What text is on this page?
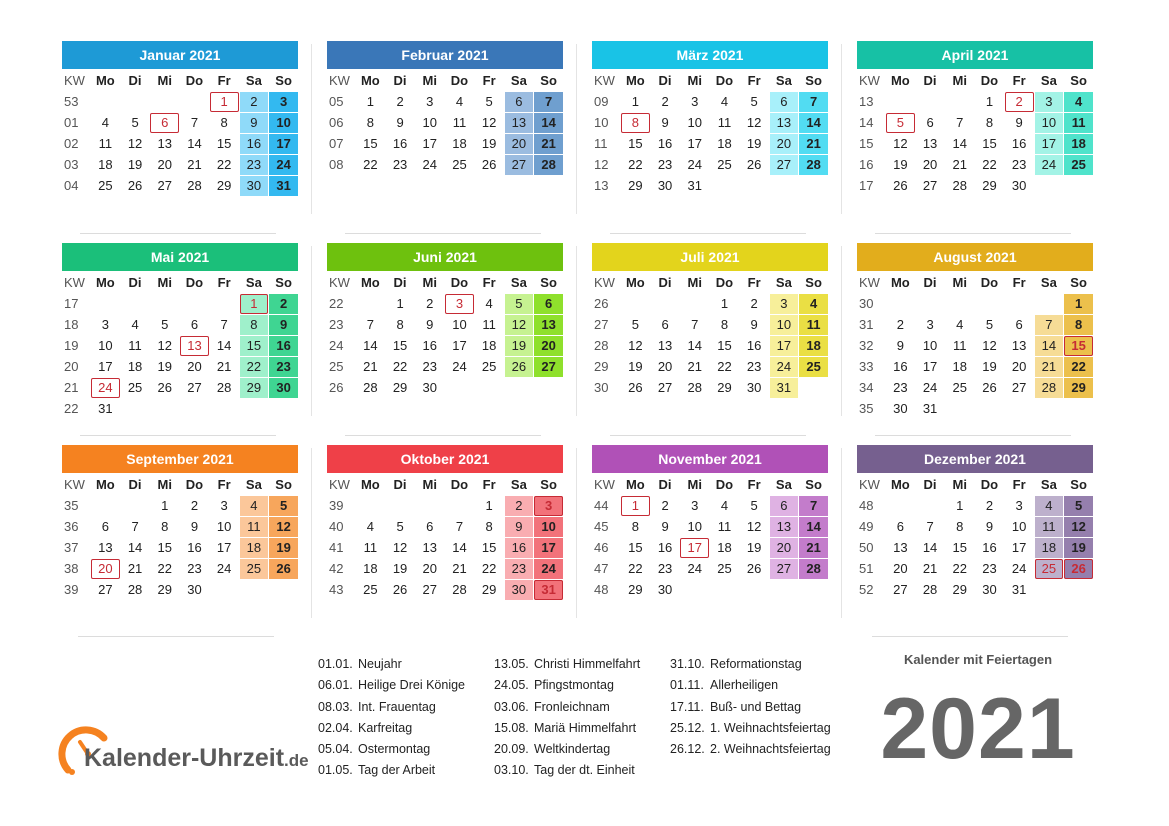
Januar 2021
KW	Mo	Di	Mi	Do	Fr	Sa	So
53					1	2	3
01	4	5	6	7	8	9	10
02	11	12	13	14	15	16	17
03	18	19	20	21	22	23	24
04	25	26	27	28	29	30	31
Februar 2021
KW	Mo	Di	Mi	Do	Fr	Sa	So
05	1	2	3	4	5	6	7
06	8	9	10	11	12	13	14
07	15	16	17	18	19	20	21
08	22	23	24	25	26	27	28
März 2021
KW	Mo	Di	Mi	Do	Fr	Sa	So
09	1	2	3	4	5	6	7
10	8	9	10	11	12	13	14
11	15	16	17	18	19	20	21
12	22	23	24	25	26	27	28
13	29	30	31				
April 2021
KW	Mo	Di	Mi	Do	Fr	Sa	So
13				1	2	3	4
14	5	6	7	8	9	10	11
15	12	13	14	15	16	17	18
16	19	20	21	22	23	24	25
17	26	27	28	29	30		
Mai 2021
KW	Mo	Di	Mi	Do	Fr	Sa	So
17						1	2
18	3	4	5	6	7	8	9
19	10	11	12	13	14	15	16
20	17	18	19	20	21	22	23
21	24	25	26	27	28	29	30
22	31						
Juni 2021
KW	Mo	Di	Mi	Do	Fr	Sa	So
22		1	2	3	4	5	6
23	7	8	9	10	11	12	13
24	14	15	16	17	18	19	20
25	21	22	23	24	25	26	27
26	28	29	30				
Juli 2021
KW	Mo	Di	Mi	Do	Fr	Sa	So
26				1	2	3	4
27	5	6	7	8	9	10	11
28	12	13	14	15	16	17	18
29	19	20	21	22	23	24	25
30	26	27	28	29	30	31	
August 2021
KW	Mo	Di	Mi	Do	Fr	Sa	So
30							1
31	2	3	4	5	6	7	8
32	9	10	11	12	13	14	15
33	16	17	18	19	20	21	22
34	23	24	25	26	27	28	29
35	30	31					
September 2021
KW	Mo	Di	Mi	Do	Fr	Sa	So
35			1	2	3	4	5
36	6	7	8	9	10	11	12
37	13	14	15	16	17	18	19
38	20	21	22	23	24	25	26
39	27	28	29	30			
Oktober 2021
KW	Mo	Di	Mi	Do	Fr	Sa	So
39					1	2	3
40	4	5	6	7	8	9	10
41	11	12	13	14	15	16	17
42	18	19	20	21	22	23	24
43	25	26	27	28	29	30	31
November 2021
KW	Mo	Di	Mi	Do	Fr	Sa	So
44	1	2	3	4	5	6	7
45	8	9	10	11	12	13	14
46	15	16	17	18	19	20	21
47	22	23	24	25	26	27	28
48	29	30					
Dezember 2021
KW	Mo	Di	Mi	Do	Fr	Sa	So
48			1	2	3	4	5
49	6	7	8	9	10	11	12
50	13	14	15	16	17	18	19
51	20	21	22	23	24	25	26
52	27	28	29	30	31		
01.01. Neujahr
06.01. Heilige Drei Könige
08.03. Int. Frauentag
02.04. Karfreitag
05.04. Ostermontag
01.05. Tag der Arbeit
13.05. Christi Himmelfahrt
24.05. Pfingstmontag
03.06. Fronleichnam
15.08. Mariä Himmelfahrt
20.09. Weltkindertag
03.10. Tag der dt. Einheit
31.10. Reformationstag
01.11. Allerheiligen
17.11. Buß- und Bettag
25.12. 1. Weihnachtsfeiertag
26.12. 2. Weihnachtsfeiertag
Kalender mit Feiertagen
2021
Kalender-Uhrzeit.de
